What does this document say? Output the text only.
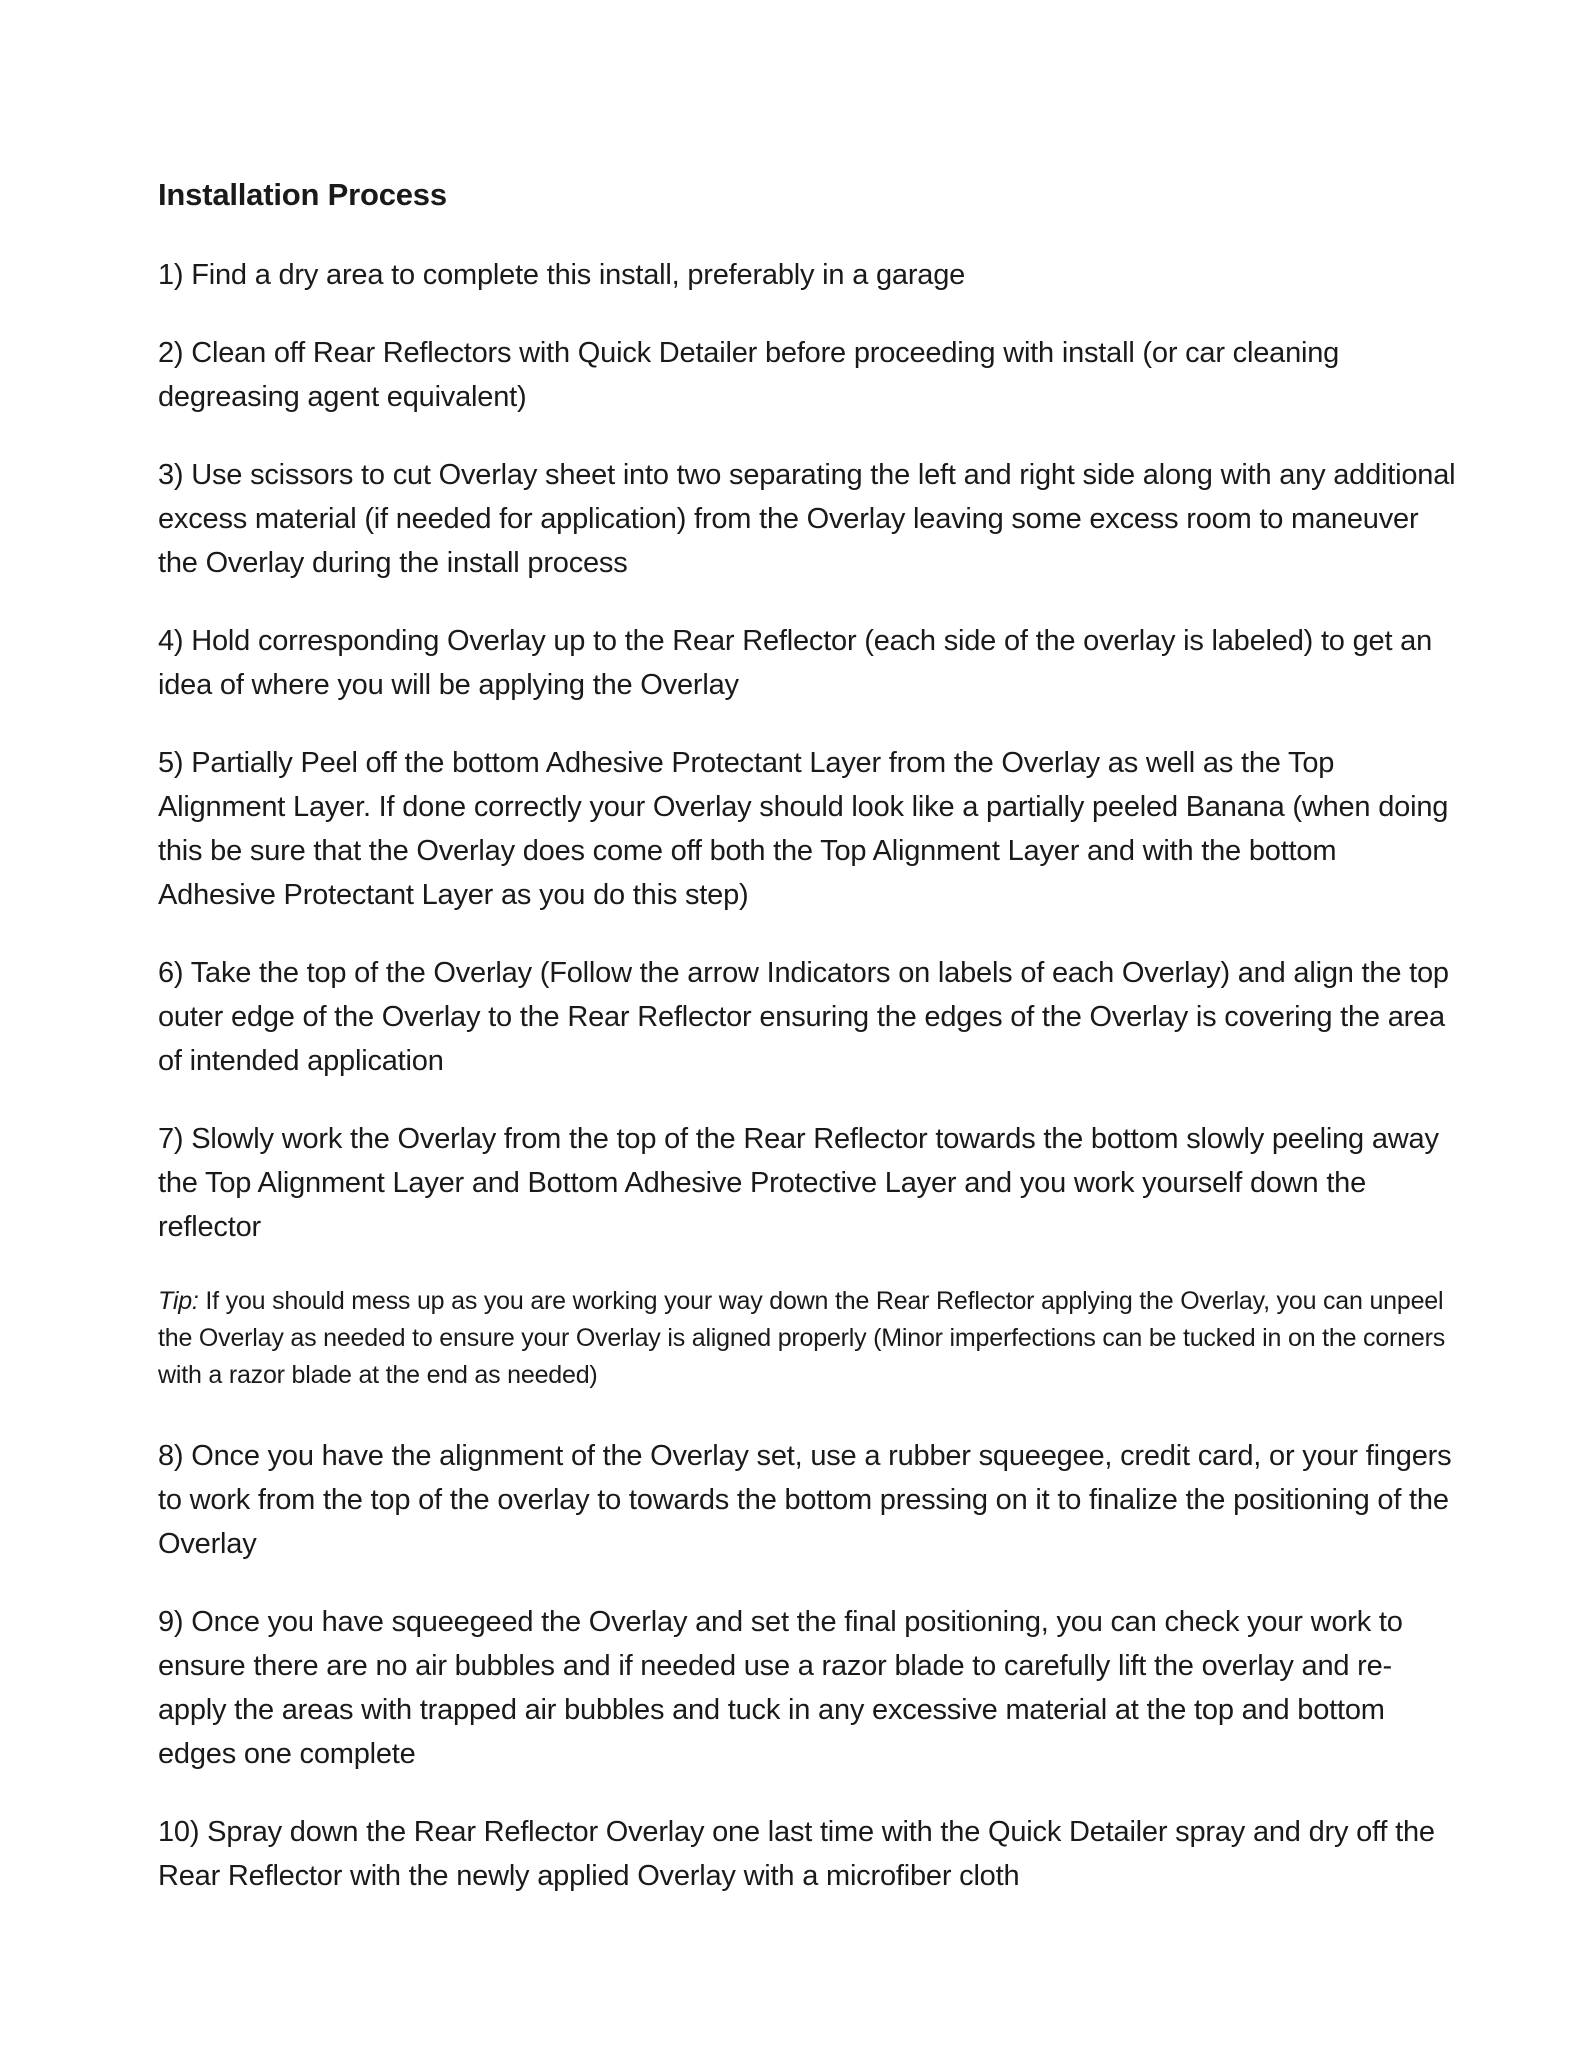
Installation Process

1) Find a dry area to complete this install, preferably in a garage

2) Clean off Rear Reflectors with Quick Detailer before proceeding with install (or car cleaning degreasing agent equivalent)

3) Use scissors to cut Overlay sheet into two separating the left and right side along with any additional excess material (if needed for application) from the Overlay leaving some excess room to maneuver the Overlay during the install process

4) Hold corresponding Overlay up to the Rear Reflector (each side of the overlay is labeled) to get an idea of where you will be applying the Overlay

5) Partially Peel off the bottom Adhesive Protectant Layer from the Overlay as well as the Top Alignment Layer. If done correctly your Overlay should look like a partially peeled Banana (when doing this be sure that the Overlay does come off both the Top Alignment Layer and with the bottom Adhesive Protectant Layer as you do this step)

6) Take the top of the Overlay (Follow the arrow Indicators on labels of each Overlay) and align the top outer edge of the Overlay to the Rear Reflector ensuring the edges of the Overlay is covering the area of intended application

7) Slowly work the Overlay from the top of the Rear Reflector towards the bottom slowly peeling away the Top Alignment Layer and Bottom Adhesive Protective Layer and you work yourself down the reflector

Tip: If you should mess up as you are working your way down the Rear Reflector applying the Overlay, you can unpeel the Overlay as needed to ensure your Overlay is aligned properly (Minor imperfections can be tucked in on the corners with a razor blade at the end as needed)

8) Once you have the alignment of the Overlay set, use a rubber squeegee, credit card, or your fingers to work from the top of the overlay to towards the bottom pressing on it to finalize the positioning of the Overlay

9) Once you have squeegeed the Overlay and set the final positioning, you can check your work to ensure there are no air bubbles and if needed use a razor blade to carefully lift the overlay and re-apply the areas with trapped air bubbles and tuck in any excessive material at the top and bottom edges one complete

10) Spray down the Rear Reflector Overlay one last time with the Quick Detailer spray and dry off the Rear Reflector with the newly applied Overlay with a microfiber cloth
